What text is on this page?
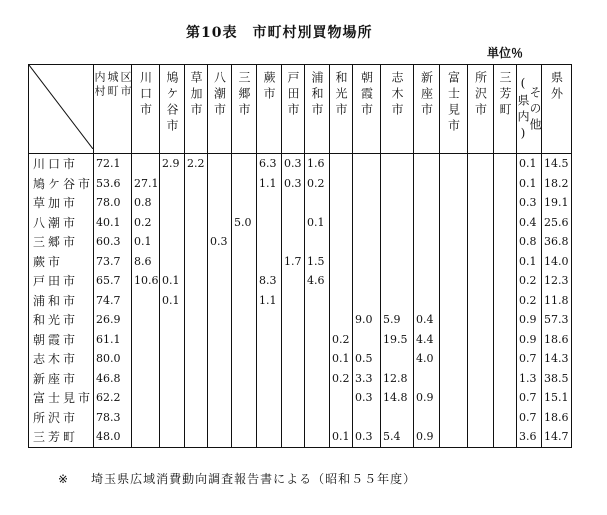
第10表　市町村別買物場所
単位％

区市
城町
内村	川口市	鳩ケ谷市	草加市	八潮市	三郷市	蕨市	戸田市	浦和市	和光市	朝霞市	志木市	新座市	富士見市	所沢市	三芳町	その他(県内)	県外
川口市	72.1		2.9	2.2			6.3	0.3	1.6								0.1	14.5
鳩ケ谷市	53.6	27.1					1.1	0.3	0.2								0.1	18.2
草加市	78.0	0.8															0.3	19.1
八潮市	40.1	0.2				5.0			0.1								0.4	25.6
三郷市	60.3	0.1			0.3												0.8	36.8
蕨市	73.7	8.6						1.7	1.5								0.1	14.0
戸田市	65.7	10.6	0.1				8.3		4.6								0.2	12.3
浦和市	74.7		0.1				1.1										0.2	11.8
和光市	26.9										9.0	5.9	0.4				0.9	57.3
朝霞市	61.1									0.2		19.5	4.4				0.9	18.6
志木市	80.0									0.1	0.5		4.0				0.7	14.3
新座市	46.8									0.2	3.3	12.8					1.3	38.5
富士見市	62.2										0.3	14.8	0.9				0.7	15.1
所沢市	78.3																0.7	18.6
三芳町	48.0									0.1	0.3	5.4	0.9				3.6	14.7
※ 埼玉県広域消費動向調査報告書による（昭和５５年度）
